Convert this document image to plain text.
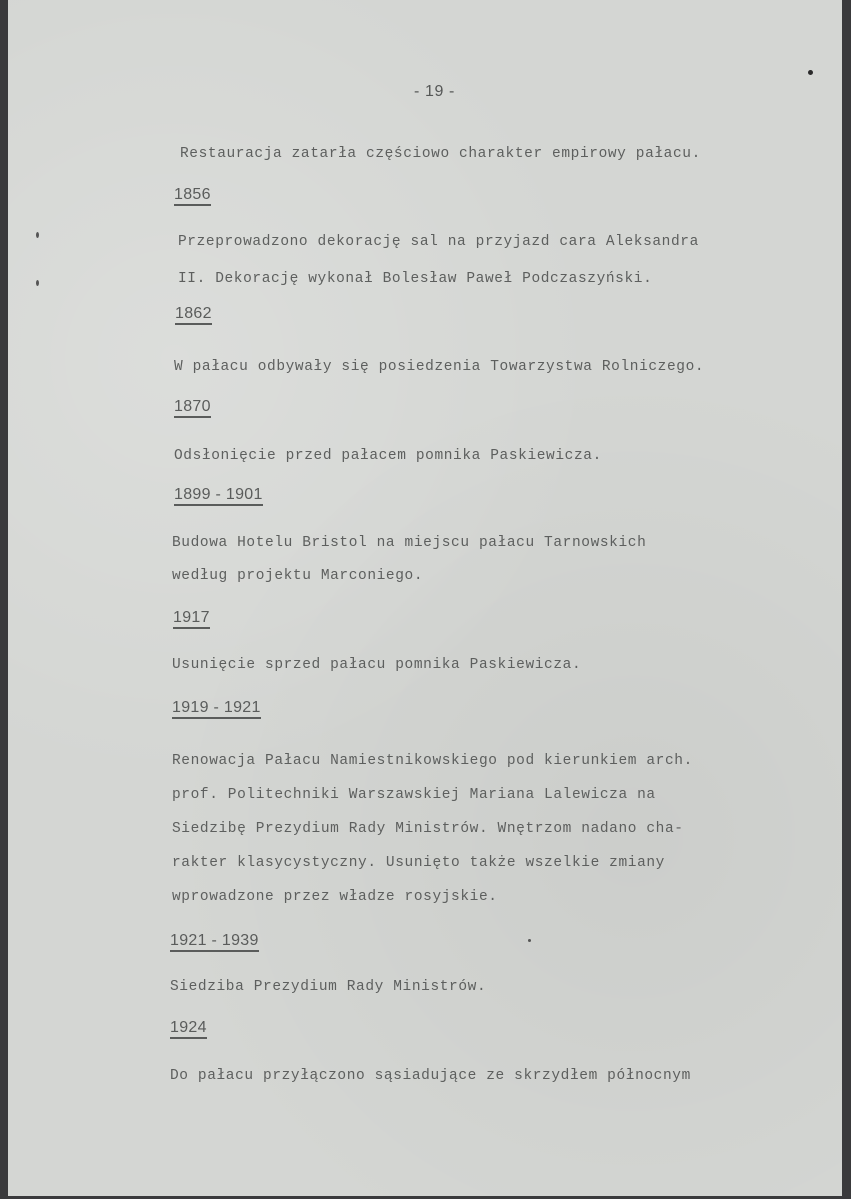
- 19 -
Restauracja zatarła częściowo charakter empirowy pałacu.
1856
Przeprowadzono dekorację sal na przyjazd cara Aleksandra
II. Dekorację wykonał Bolesław Paweł Podczaszyński.
1862
W pałacu odbywały się posiedzenia Towarzystwa Rolniczego.
1870
Odsłonięcie przed pałacem pomnika Paskiewicza.
1899 - 1901
Budowa Hotelu Bristol na miejscu pałacu Tarnowskich
według projektu Marconiego.
1917
Usunięcie sprzed pałacu pomnika Paskiewicza.
1919 - 1921
Renowacja Pałacu Namiestnikowskiego pod kierunkiem arch.
prof. Politechniki Warszawskiej Mariana Lalewicza na
Siedzibę Prezydium Rady Ministrów. Wnętrzom nadano cha-
rakter klasycystyczny. Usunięto także wszelkie zmiany
wprowadzone przez władze rosyjskie.
1921 - 1939
Siedziba Prezydium Rady Ministrów.
1924
Do pałacu przyłączono sąsiadujące ze skrzydłem północnym
